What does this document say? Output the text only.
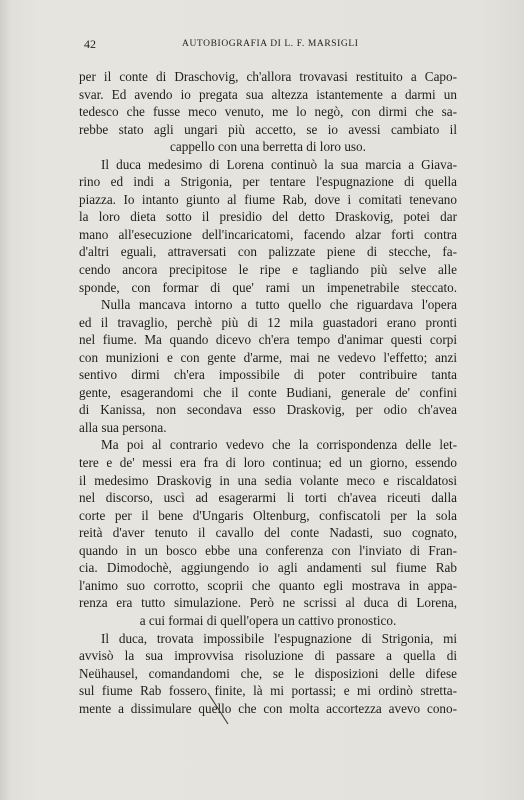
42	AUTOBIOGRAFIA DI L. F. MARSIGLI
per il conte di Draschovig, ch'allora trovavasi restituito a Capo-
svar. Ed avendo io pregata sua altezza istantemente a darmi un
tedesco che fusse meco venuto, me lo negò, con dirmi che sa-
rebbe stato agli ungari più accetto, se io avessi cambiato il
cappello con una berretta di loro uso.
Il duca medesimo di Lorena continuò la sua marcia a Giava-
rino ed indi a Strigonia, per tentare l'espugnazione di quella
piazza. Io intanto giunto al fiume Rab, dove i comitati tenevano
la loro dieta sotto il presidio del detto Draskovig, potei dar
mano all'esecuzione dell'incaricatomi, facendo alzar forti contra
d'altri eguali, attraversati con palizzate piene di stecche, fa-
cendo ancora precipitose le ripe e tagliando più selve alle
sponde, con formar di que' rami un impenetrabile steccato.
Nulla mancava intorno a tutto quello che riguardava l'opera
ed il travaglio, perchè più di 12 mila guastadori erano pronti
nel fiume. Ma quando dicevo ch'era tempo d'animar questi corpi
con munizioni e con gente d'arme, mai ne vedevo l'effetto; anzi
sentivo dirmi ch'era impossibile di poter contribuire tanta
gente, esagerandomi che il conte Budiani, generale de' confini
di Kanissa, non secondava esso Draskovig, per odio ch'avea
alla sua persona.
Ma poi al contrario vedevo che la corrispondenza delle let-
tere e de' messi era fra di loro continua; ed un giorno, essendo
il medesimo Draskovig in una sedia volante meco e riscaldatosi
nel discorso, uscì ad esagerarmi li torti ch'avea riceuti dalla
corte per il bene d'Ungaris Oltenburg, confiscatoli per la sola
reità d'aver tenuto il cavallo del conte Nadasti, suo cognato,
quando in un bosco ebbe una conferenza con l'inviato di Fran-
cia. Dimodochè, aggiungendo io agli andamenti sul fiume Rab
l'animo suo corrotto, scoprii che quanto egli mostrava in appa-
renza era tutto simulazione. Però ne scrissi al duca di Lorena,
a cui formai di quell'opera un cattivo pronostico.
Il duca, trovata impossibile l'espugnazione di Strigonia, mi
avvisò la sua improvvisa risoluzione di passare a quella di
Neühausel, comandandomi che, se le disposizioni delle difese
sul fiume Rab fossero finite, là mi portassi; e mi ordinò stretta-
mente a dissimulare quello che con molta accortezza avevo cono-
